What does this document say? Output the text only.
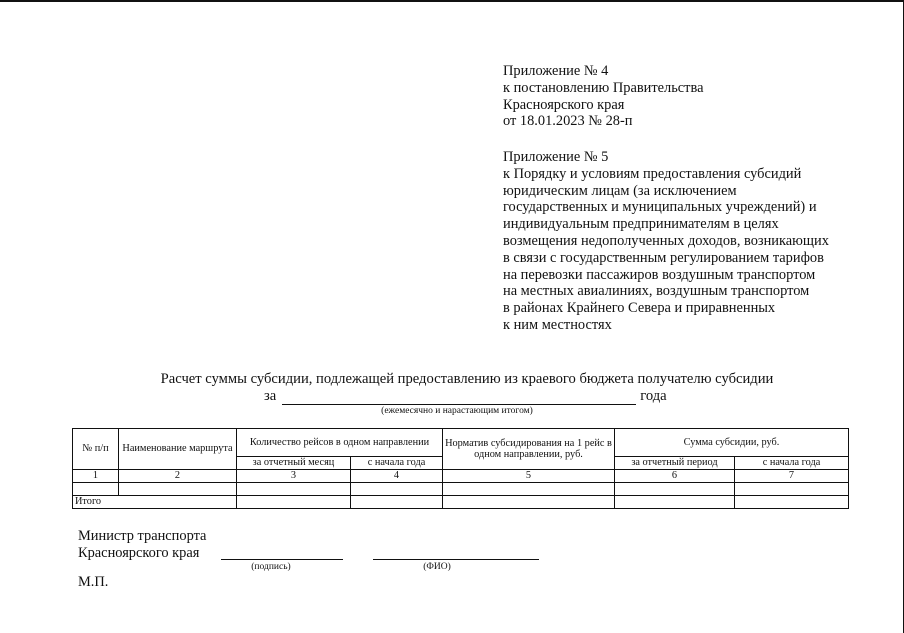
Приложение № 4
к постановлению Правительства
Красноярского края
от 18.01.2023 № 28-п
Приложение № 5
к Порядку и условиям предоставления субсидий
юридическим лицам (за исключением
государственных и муниципальных учреждений) и
индивидуальным предпринимателям в целях
возмещения недополученных доходов, возникающих
в связи с государственным регулированием тарифов
на перевозки пассажиров воздушным транспортом
на местных авиалиниях, воздушным транспортом
в районах Крайнего Севера и приравненных
к ним местностях
Расчет суммы субсидии, подлежащей предоставлению из краевого бюджета получателю субсидии
за	года
(ежемесячно и нарастающим итогом)
№ п/п	Наименование маршрута	Количество рейсов в одном направлении		Норматив субсидирования на 1 рейс в одном направлении, руб.	Сумма субсидии, руб.	
		за отчетный месяц	с начала года		за отчетный период	с начала года
1	2	3	4	5	6	7

Итого						
Министр транспорта
Красноярского края
(подпись)	(ФИО)
М.П.
